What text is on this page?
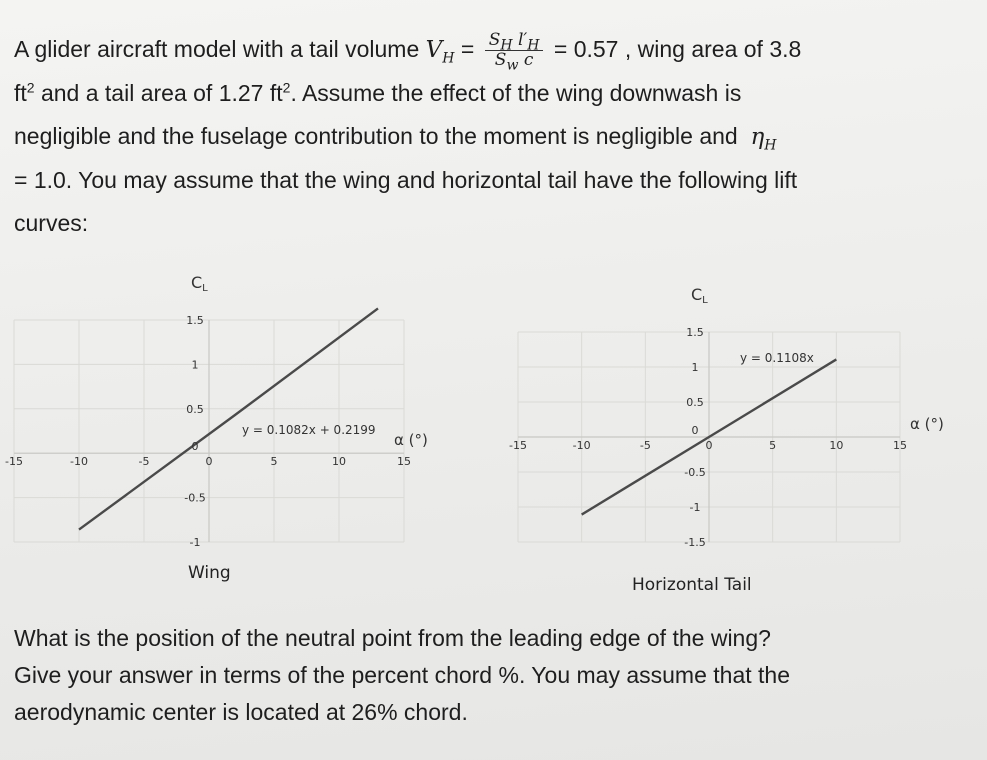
A glider aircraft model with a tail volume $V_H = \frac{S_H l'_H}{S_w c} = 0.57$ , wing area of 3.8
$ft^2$ and a tail area of 1.27 $ft^2$. Assume the effect of the wing downwash is
negligible and the fuselage contribution to the moment is negligible and $\eta_H$
= 1.0. You may assume that the wing and horizontal tail have the following lift
curves:
-15	-10	-5	0	5	10	15
1.5
1
0.5
0
-0.5
-1
CL
α (°)
y = 0.1082x + 0.2199
Wing
-15	-10	-5	0	5	10	15
1.5
1
0.5
0
-0.5
-1
-1.5
CL
α (°)
y = 0.1108x
Horizontal Tail
What is the position of the neutral point from the leading edge of the wing?
Give your answer in terms of the percent chord %. You may assume that the
aerodynamic center is located at 26% chord.
